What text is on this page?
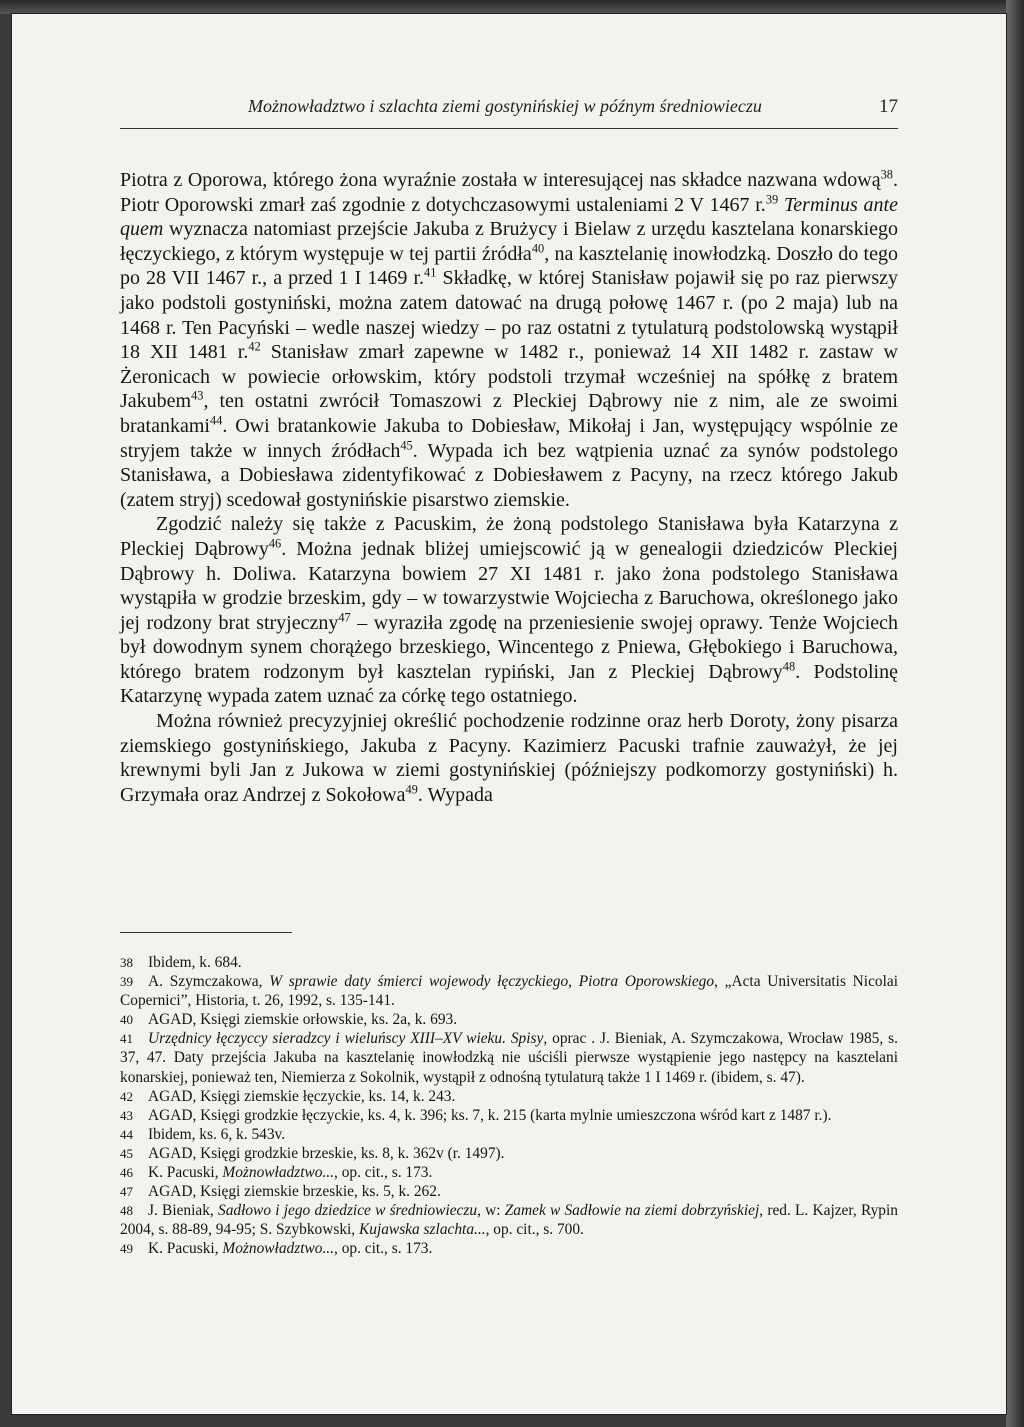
Możnowładztwo i szlachta ziemi gostynińskiej w późnym średniowieczu	17

Piotra z Oporowa, którego żona wyraźnie została w interesującej nas składce nazwana wdową$^{38}$. Piotr Oporowski zmarł zaś zgodnie z dotychczasowymi ustaleniami 2 V 1467 r.$^{39}$ Terminus ante quem wyznacza natomiast przejście Jakuba z Brużycy i Bielaw z urzędu kasztelana konarskiego łęczyckiego, z którym występuje w tej partii źródła$^{40}$, na kasztelanię inowłodzką. Doszło do tego po 28 VII 1467 r., a przed 1 I 1469 r.$^{41}$ Składkę, w której Stanisław pojawił się po raz pierwszy jako podstoli gostyniński, można zatem datować na drugą połowę 1467 r. (po 2 maja) lub na 1468 r. Ten Pacyński – wedle naszej wiedzy – po raz ostatni z tytulaturą podstolowską wystąpił 18 XII 1481 r.$^{42}$ Stanisław zmarł zapewne w 1482 r., ponieważ 14 XII 1482 r. zastaw w Żeronicach w powiecie orłowskim, który podstoli trzymał wcześniej na spółkę z bratem Jakubem$^{43}$, ten ostatni zwrócił Tomaszowi z Pleckiej Dąbrowy nie z nim, ale ze swoimi bratankami$^{44}$. Owi bratankowie Jakuba to Dobiesław, Mikołaj i Jan, występujący wspólnie ze stryjem także w innych źródłach$^{45}$. Wypada ich bez wątpienia uznać za synów podstolego Stanisława, a Dobiesława zidentyfikować z Dobiesławem z Pacyny, na rzecz którego Jakub (zatem stryj) scedował gostynińskie pisarstwo ziemskie.

Zgodzić należy się także z Pacuskim, że żoną podstolego Stanisława była Katarzyna z Pleckiej Dąbrowy$^{46}$. Można jednak bliżej umiejscowić ją w genealogii dziedziców Pleckiej Dąbrowy h. Doliwa. Katarzyna bowiem 27 XI 1481 r. jako żona podstolego Stanisława wystąpiła w grodzie brzeskim, gdy – w towarzystwie Wojciecha z Baruchowa, określonego jako jej rodzony brat stryjeczny$^{47}$ – wyraziła zgodę na przeniesienie swojej oprawy. Tenże Wojciech był dowodnym synem chorążego brzeskiego, Wincentego z Pniewa, Głębokiego i Baruchowa, którego bratem rodzonym był kasztelan rypiński, Jan z Pleckiej Dąbrowy$^{48}$. Podstolinę Katarzynę wypada zatem uznać za córkę tego ostatniego.

Można również precyzyjniej określić pochodzenie rodzinne oraz herb Doroty, żony pisarza ziemskiego gostynińskiego, Jakuba z Pacyny. Kazimierz Pacuski trafnie zauważył, że jej krewnymi byli Jan z Jukowa w ziemi gostynińskiej (późniejszy podkomorzy gostyniński) h. Grzymała oraz Andrzej z Sokołowa$^{49}$. Wypada

38 Ibidem, k. 684.
39 A. Szymczakowa, W sprawie daty śmierci wojewody łęczyckiego, Piotra Oporowskiego, „Acta Universitatis Nicolai Copernici”, Historia, t. 26, 1992, s. 135-141.
40 AGAD, Księgi ziemskie orłowskie, ks. 2a, k. 693.
41 Urzędnicy łęczyccy sieradzcy i wieluńscy XIII–XV wieku. Spisy, oprac . J. Bieniak, A. Szymczakowa, Wrocław 1985, s. 37, 47. Daty przejścia Jakuba na kasztelanię inowłodzką nie uściśli pierwsze wystąpienie jego następcy na kasztelani konarskiej, ponieważ ten, Niemierza z Sokolnik, wystąpił z odnośną tytulaturą także 1 I 1469 r. (ibidem, s. 47).
42 AGAD, Księgi ziemskie łęczyckie, ks. 14, k. 243.
43 AGAD, Księgi grodzkie łęczyckie, ks. 4, k. 396; ks. 7, k. 215 (karta mylnie umieszczona wśród kart z 1487 r.).
44 Ibidem, ks. 6, k. 543v.
45 AGAD, Księgi grodzkie brzeskie, ks. 8, k. 362v (r. 1497).
46 K. Pacuski, Możnowładztwo..., op. cit., s. 173.
47 AGAD, Księgi ziemskie brzeskie, ks. 5, k. 262.
48 J. Bieniak, Sadłowo i jego dziedzice w średniowieczu, w: Zamek w Sadłowie na ziemi dobrzyńskiej, red. L. Kajzer, Rypin 2004, s. 88-89, 94-95; S. Szybkowski, Kujawska szlachta..., op. cit., s. 700.
49 K. Pacuski, Możnowładztwo..., op. cit., s. 173.
